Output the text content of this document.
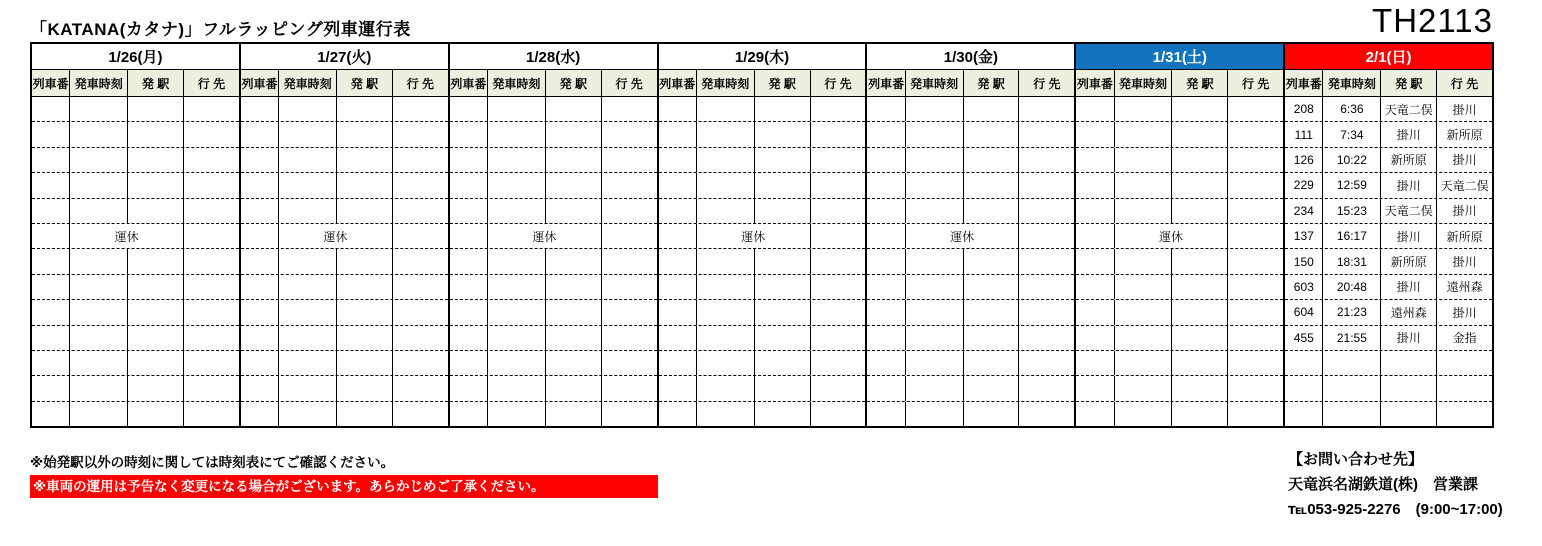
「KATANA(カタナ)」フルラッピング列車運行表	TH2113
1/26(月)
列車番 発車時刻	発 駅	行 先
運休
1/27(火)
列車番 発車時刻	発 駅	行 先
運休
1/28(水)
列車番 発車時刻	発 駅	行 先
運休
1/29(木)
列車番 発車時刻	発 駅	行 先
運休
1/30(金)
列車番 発車時刻	発 駅	行 先
運休
1/31(土)
列車番 発車時刻	発 駅	行 先
運休
2/1(日)
列車番 発車時刻	発 駅	行 先
208	6:36	天竜二俣	掛川
111	7:34	掛川	新所原
126	10:22	新所原	掛川
229	12:59	掛川	天竜二俣
234	15:23	天竜二俣	掛川
137	16:17	掛川	新所原
150	18:31	新所原	掛川
603	20:48	掛川	遠州森
604	21:23	遠州森	掛川
455	21:55	掛川	金指
※始発駅以外の時刻に関しては時刻表にてご確認ください。
※車両の運用は予告なく変更になる場合がございます。あらかじめご了承ください。
【お問い合わせ先】
天竜浜名湖鉄道(株)　営業課
℡053-925-2276　(9:00~17:00)
